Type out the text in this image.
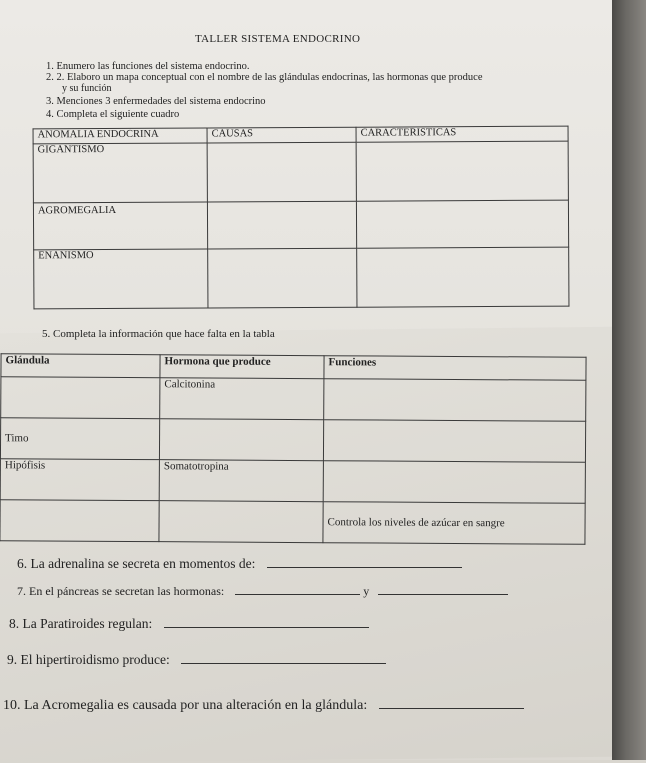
TALLER SISTEMA ENDOCRINO
1. Enumero las funciones del sistema endocrino.
2. 2. Elaboro un mapa conceptual con el nombre de las glándulas endocrinas, las hormonas que produce
y su función
3. Menciones 3 enfermedades del sistema endocrino
4. Completa el siguiente cuadro
ANOMALIA ENDOCRINA	CAUSAS	CARACTERISTICAS
GIGANTISMO		
AGROMEGALIA		
ENANISMO		
5. Completa la información que hace falta en la tabla
Glándula	Hormona que produce	Funciones
	Calcitonina	
Timo		
Hipófisis	Somatotropina	
		Controla los niveles de azúcar en sangre
6. La adrenalina se secreta en momentos de:
7. En el páncreas se secretan las hormonas:	y
8. La Paratiroides regulan:
9. El hipertiroidismo produce:
10. La Acromegalia es causada por una alteración en la glándula:
